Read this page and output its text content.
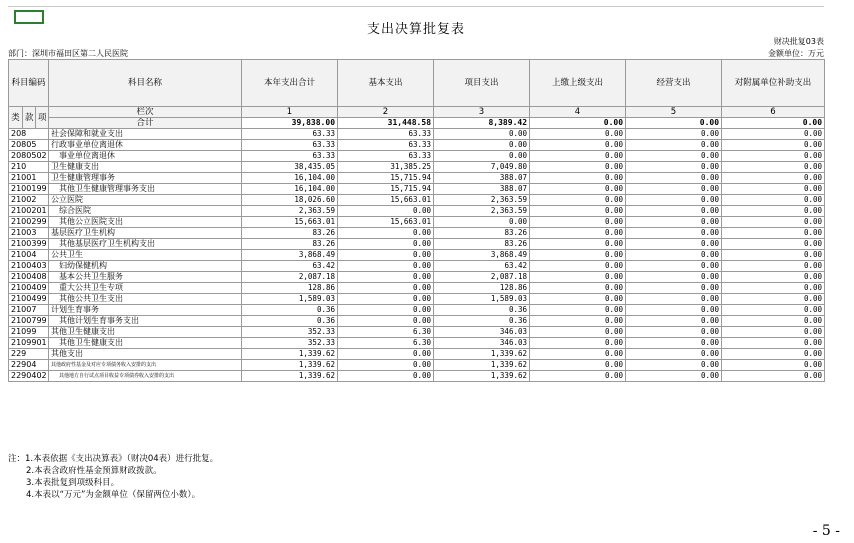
支出决算批复表
财决批复03表
部门：深圳市福田区第二人民医院	金额单位：万元
科目编码			科目名称	本年支出合计	基本支出	项目支出	上缴上级支出	经营支出	对附属单位补助支出
类	款	项	栏次	1	2	3	4	5	6
			合计	39,838.00	31,448.58	8,389.42	0.00	0.00	0.00
208			社会保障和就业支出	63.33	63.33	0.00	0.00	0.00	0.00
20805			行政事业单位离退休	63.33	63.33	0.00	0.00	0.00	0.00
2080502			事业单位离退休	63.33	63.33	0.00	0.00	0.00	0.00
210			卫生健康支出	38,435.05	31,385.25	7,049.80	0.00	0.00	0.00
21001			卫生健康管理事务	16,104.00	15,715.94	388.07	0.00	0.00	0.00
2100199			其他卫生健康管理事务支出	16,104.00	15,715.94	388.07	0.00	0.00	0.00
21002			公立医院	18,026.60	15,663.01	2,363.59	0.00	0.00	0.00
2100201			综合医院	2,363.59	0.00	2,363.59	0.00	0.00	0.00
2100299			其他公立医院支出	15,663.01	15,663.01	0.00	0.00	0.00	0.00
21003			基层医疗卫生机构	83.26	0.00	83.26	0.00	0.00	0.00
2100399			其他基层医疗卫生机构支出	83.26	0.00	83.26	0.00	0.00	0.00
21004			公共卫生	3,868.49	0.00	3,868.49	0.00	0.00	0.00
2100403			妇幼保健机构	63.42	0.00	63.42	0.00	0.00	0.00
2100408			基本公共卫生服务	2,087.18	0.00	2,087.18	0.00	0.00	0.00
2100409			重大公共卫生专项	128.86	0.00	128.86	0.00	0.00	0.00
2100499			其他公共卫生支出	1,589.03	0.00	1,589.03	0.00	0.00	0.00
21007			计划生育事务	0.36	0.00	0.36	0.00	0.00	0.00
2100799			其他计划生育事务支出	0.36	0.00	0.36	0.00	0.00	0.00
21099			其他卫生健康支出	352.33	6.30	346.03	0.00	0.00	0.00
2109901			其他卫生健康支出	352.33	6.30	346.03	0.00	0.00	0.00
229			其他支出	1,339.62	0.00	1,339.62	0.00	0.00	0.00
22904			其他政府性基金及对应专项债务收入安排的支出	1,339.62	0.00	1,339.62	0.00	0.00	0.00
2290402			其他地方自行试点项目收益专项债券收入安排的支出	1,339.62	0.00	1,339.62	0.00	0.00	0.00
注：1.本表依据《支出决算表》（财决04表）进行批复。
2.本表含政府性基金预算财政拨款。
3.本表批复到项级科目。
4.本表以“万元”为金额单位（保留两位小数）。
- 5 -
